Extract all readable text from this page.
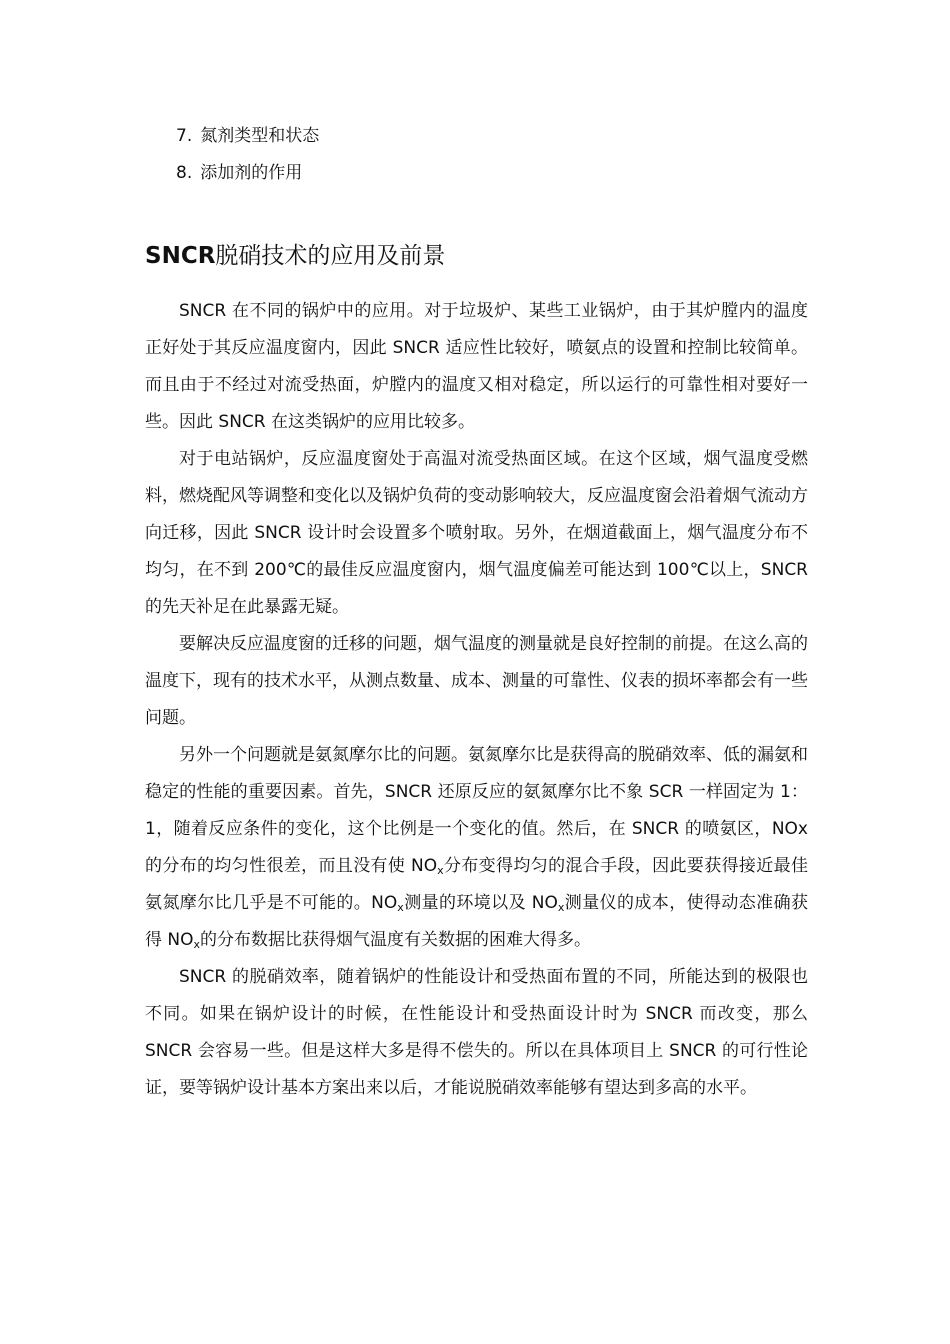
7. 氮剂类型和状态
8. 添加剂的作用
SNCR脱硝技术的应用及前景

SNCR 在不同的锅炉中的应用。对于垃圾炉、某些工业锅炉，由于其炉膛内的温度正好处于其反应温度窗内，因此 SNCR 适应性比较好，喷氨点的设置和控制比较简单。而且由于不经过对流受热面，炉膛内的温度又相对稳定，所以运行的可靠性相对要好一些。因此 SNCR 在这类锅炉的应用比较多。

对于电站锅炉，反应温度窗处于高温对流受热面区域。在这个区域，烟气温度受燃料，燃烧配风等调整和变化以及锅炉负荷的变动影响较大，反应温度窗会沿着烟气流动方向迁移，因此 SNCR 设计时会设置多个喷射取。另外，在烟道截面上，烟气温度分布不均匀，在不到 200℃的最佳反应温度窗内，烟气温度偏差可能达到 100℃以上，SNCR 的先天补足在此暴露无疑。

要解决反应温度窗的迁移的问题，烟气温度的测量就是良好控制的前提。在这么高的温度下，现有的技术水平，从测点数量、成本、测量的可靠性、仪表的损坏率都会有一些问题。

另外一个问题就是氨氮摩尔比的问题。氨氮摩尔比是获得高的脱硝效率、低的漏氨和稳定的性能的重要因素。首先，SNCR 还原反应的氨氮摩尔比不象 SCR 一样固定为 1：1，随着反应条件的变化，这个比例是一个变化的值。然后，在 SNCR 的喷氨区，NOx 的分布的均匀性很差，而且没有使 $NO_x$分布变得均匀的混合手段，因此要获得接近最佳氨氮摩尔比几乎是不可能的。$NO_x$测量的环境以及 $NO_x$测量仪的成本，使得动态准确获得 $NO_x$的分布数据比获得烟气温度有关数据的困难大得多。

SNCR 的脱硝效率，随着锅炉的性能设计和受热面布置的不同，所能达到的极限也不同。如果在锅炉设计的时候，在性能设计和受热面设计时为 SNCR 而改变，那么 SNCR 会容易一些。但是这样大多是得不偿失的。所以在具体项目上 SNCR 的可行性论证，要等锅炉设计基本方案出来以后，才能说脱硝效率能够有望达到多高的水平。
